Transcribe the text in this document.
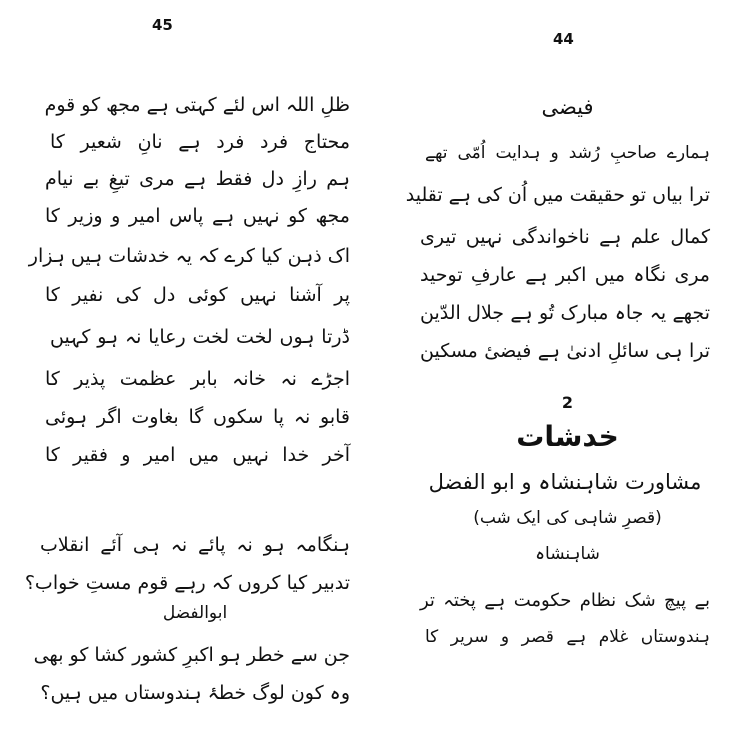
45
ظلِ اللہ اس لئے کہتی ہے مجھ کو قوم
محتاج فرد فرد ہے نانِ شعیر کا
ہم رازِ دل فقط ہے مری تیغِ بے نیام
مجھ کو نہیں ہے پاس امیر و وزیر کا
اک ذہن کیا کرے کہ یہ خدشات ہیں ہزار
پر آشنا نہیں کوئی دل کی نفیر کا
ڈرتا ہوں لخت لخت رعایا نہ ہو کہیں
اجڑے نہ خانہ بابر عظمت پذیر کا
قابو نہ پا سکوں گا بغاوت اگر ہوئی
آخر خدا نہیں میں امیر و فقیر کا
ہنگامہ ہو نہ پائے نہ ہی آئے انقلاب
تدبیر کیا کروں کہ رہے قوم مستِ خواب؟
ابوالفضل
جن سے خطر ہو اکبرِ کشور کشا کو بھی
وہ کون لوگ خطۂ ہندوستاں میں ہیں؟
44
فیضی
ہمارے صاحبِ رُشد و ہدایت اُمّی تھے
ترا بیاں تو حقیقت میں اُن کی ہے تقلید
کمال علم ہے ناخواندگی نہیں تیری
مری نگاہ میں اکبر ہے عارفِ توحید
تجھے یہ جاہ مبارک تُو ہے جلال الدّین
ترا ہی سائلِ ادنیٰ ہے فیضیٔ مسکین
2
خدشات
مشاورت شاہنشاہ و ابو الفضل
(قصرِ شاہی کی ایک شب)
شاہنشاہ
بے پیچ شک نظام حکومت ہے پختہ تر
ہندوستاں غلام ہے قصر و سریر کا
